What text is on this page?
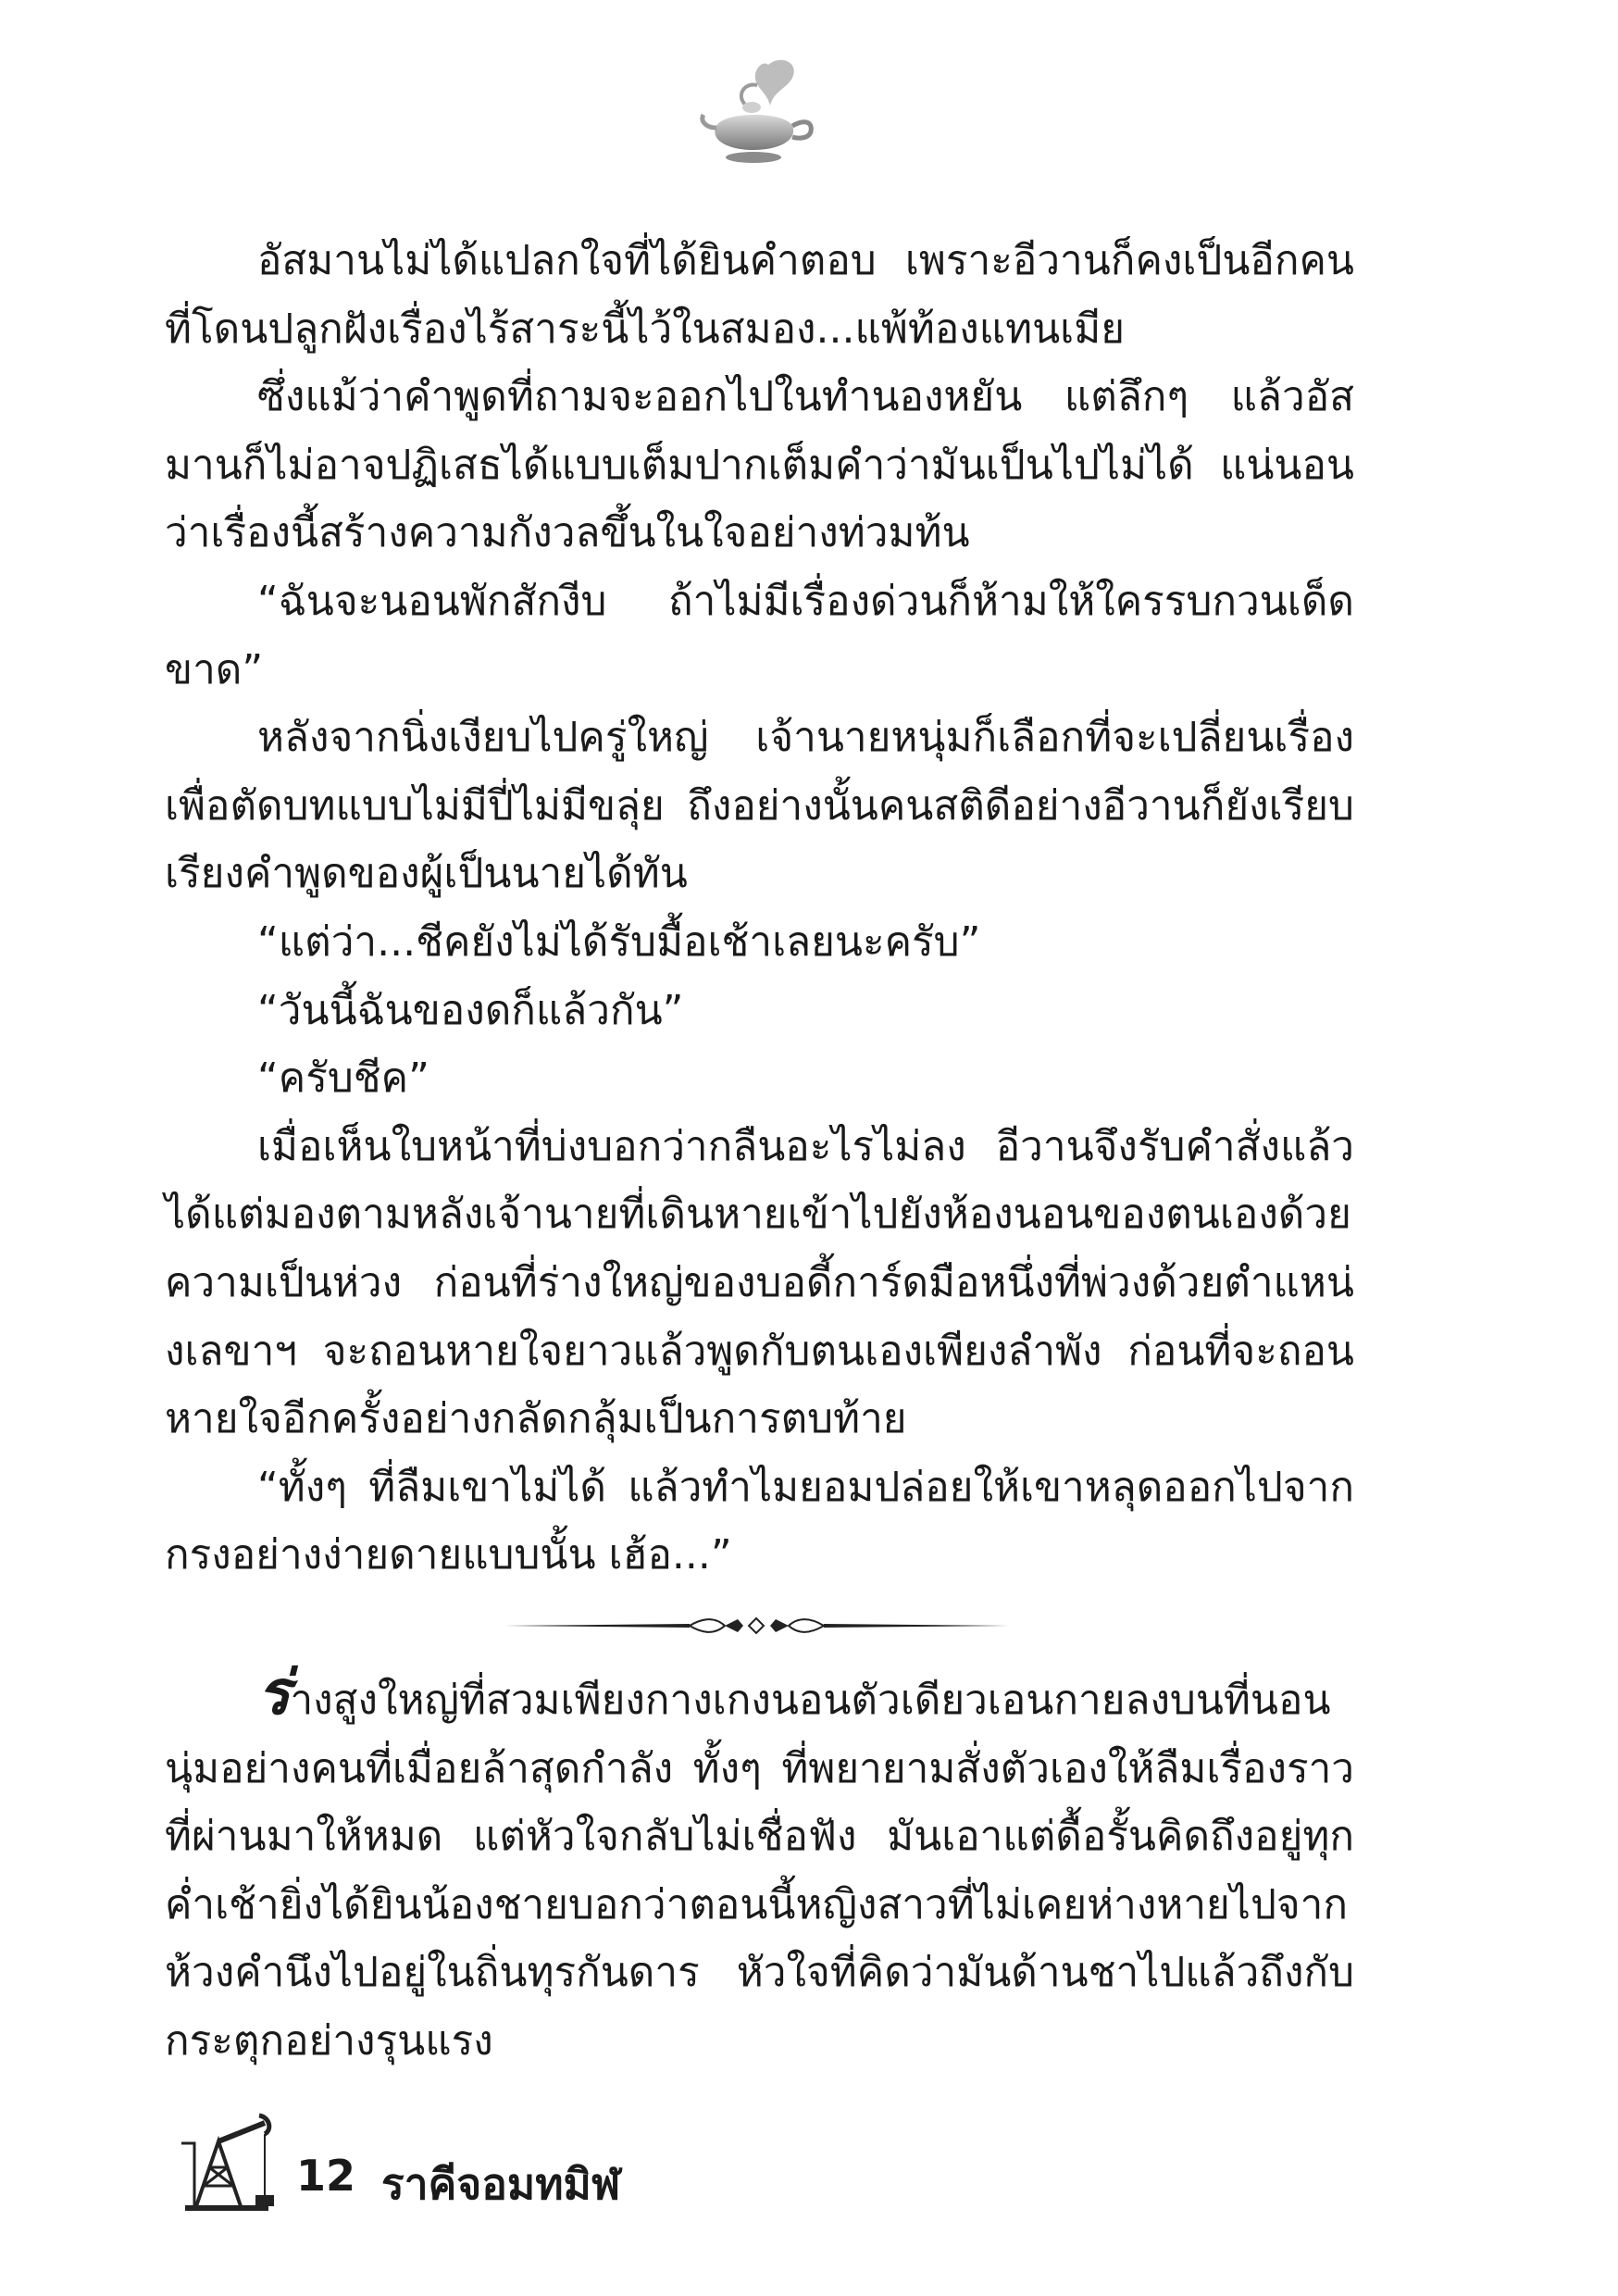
อัสมานไม่ได้แปลกใจที่ได้ยินคำตอบ เพราะอีวานก็คงเป็นอีกคนที่โดนปลูกฝังเรื่องไร้สาระนี้ไว้ในสมอง...แพ้ท้องแทนเมีย

ซึ่งแม้ว่าคำพูดที่ถามจะออกไปในทำนองหยัน แต่ลึกๆ แล้วอัสมานก็ไม่อาจปฏิเสธได้แบบเต็มปากเต็มคำว่ามันเป็นไปไม่ได้ แน่นอนว่าเรื่องนี้สร้างความกังวลขึ้นในใจอย่างท่วมท้น

“ฉันจะนอนพักสักงีบ ถ้าไม่มีเรื่องด่วนก็ห้ามให้ใครรบกวนเด็ดขาด”

หลังจากนิ่งเงียบไปครู่ใหญ่ เจ้านายหนุ่มก็เลือกที่จะเปลี่ยนเรื่องเพื่อตัดบทแบบไม่มีปี่ไม่มีขลุ่ย ถึงอย่างนั้นคนสติดีอย่างอีวานก็ยังเรียบเรียงคำพูดของผู้เป็นนายได้ทัน

“แต่ว่า...ชีคยังไม่ได้รับมื้อเช้าเลยนะครับ”

“วันนี้ฉันของดก็แล้วกัน”

“ครับชีค”

เมื่อเห็นใบหน้าที่บ่งบอกว่ากลืนอะไรไม่ลง อีวานจึงรับคำสั่งแล้วได้แต่มองตามหลังเจ้านายที่เดินหายเข้าไปยังห้องนอนของตนเองด้วยความเป็นห่วง ก่อนที่ร่างใหญ่ของบอดี้การ์ดมือหนึ่งที่พ่วงด้วยตำแหน่งเลขาฯ จะถอนหายใจยาวแล้วพูดกับตนเองเพียงลำพัง ก่อนที่จะถอนหายใจอีกครั้งอย่างกลัดกลุ้มเป็นการตบท้าย

“ทั้งๆ ที่ลืมเขาไม่ได้ แล้วทำไมยอมปล่อยให้เขาหลุดออกไปจากกรงอย่างง่ายดายแบบนั้น เฮ้อ...”

ร่างสูงใหญ่ที่สวมเพียงกางเกงนอนตัวเดียวเอนกายลงบนที่นอนนุ่มอย่างคนที่เมื่อยล้าสุดกำลัง ทั้งๆ ที่พยายามสั่งตัวเองให้ลืมเรื่องราวที่ผ่านมาให้หมด แต่หัวใจกลับไม่เชื่อฟัง มันเอาแต่ดื้อรั้นคิดถึงอยู่ทุกค่ำเช้ายิ่งได้ยินน้องชายบอกว่าตอนนี้หญิงสาวที่ไม่เคยห่างหายไปจากห้วงคำนึงไปอยู่ในถิ่นทุรกันดาร หัวใจที่คิดว่ามันด้านชาไปแล้วถึงกับกระตุกอย่างรุนแรง

12 ราคีจอมทมิฬ
